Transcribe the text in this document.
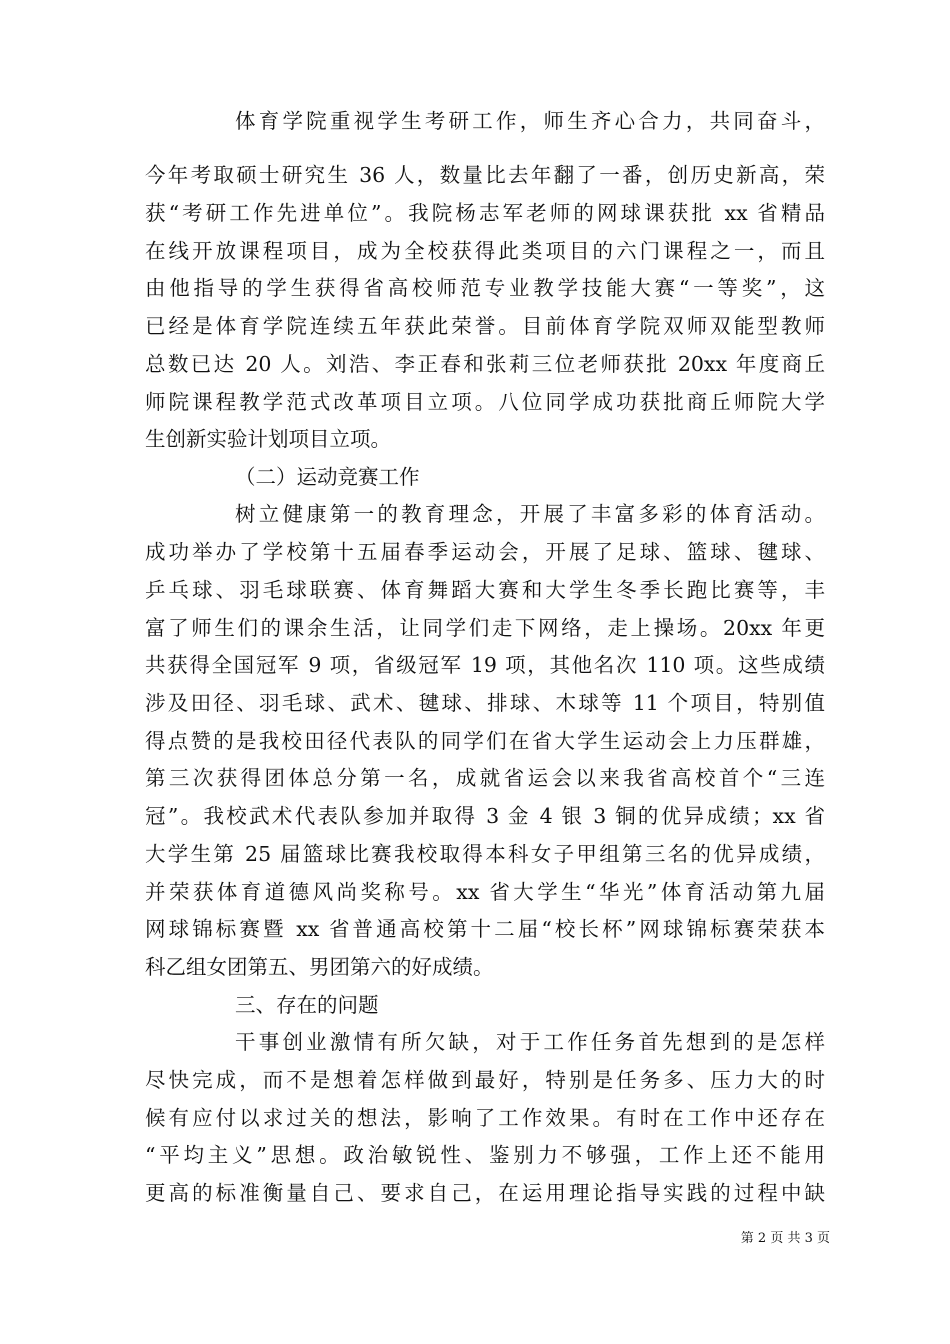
体育学院重视学生考研工作，师生齐心合力，共同奋斗，
今年考取硕士研究生 36 人，数量比去年翻了一番，创历史新高，荣
获“考研工作先进单位”。我院杨志军老师的网球课获批 xx 省精品
在线开放课程项目，成为全校获得此类项目的六门课程之一，而且
由他指导的学生获得省高校师范专业教学技能大赛“一等奖”，这
已经是体育学院连续五年获此荣誉。目前体育学院双师双能型教师
总数已达 20 人。刘浩、李正春和张莉三位老师获批 20xx 年度商丘
师院课程教学范式改革项目立项。八位同学成功获批商丘师院大学
生创新实验计划项目立项。
（二）运动竞赛工作
树立健康第一的教育理念，开展了丰富多彩的体育活动。
成功举办了学校第十五届春季运动会，开展了足球、篮球、毽球、
乒乓球、羽毛球联赛、体育舞蹈大赛和大学生冬季长跑比赛等，丰
富了师生们的课余生活，让同学们走下网络，走上操场。20xx 年更
共获得全国冠军 9 项，省级冠军 19 项，其他名次 110 项。这些成绩
涉及田径、羽毛球、武术、毽球、排球、木球等 11 个项目，特别值
得点赞的是我校田径代表队的同学们在省大学生运动会上力压群雄，
第三次获得团体总分第一名，成就省运会以来我省高校首个“三连
冠”。我校武术代表队参加并取得 3 金 4 银 3 铜的优异成绩；xx 省
大学生第 25 届篮球比赛我校取得本科女子甲组第三名的优异成绩，
并荣获体育道德风尚奖称号。xx 省大学生“华光”体育活动第九届
网球锦标赛暨 xx 省普通高校第十二届“校长杯”网球锦标赛荣获本
科乙组女团第五、男团第六的好成绩。
三、存在的问题
干事创业激情有所欠缺，对于工作任务首先想到的是怎样
尽快完成，而不是想着怎样做到最好，特别是任务多、压力大的时
候有应付以求过关的想法，影响了工作效果。有时在工作中还存在
“平均主义”思想。政治敏锐性、鉴别力不够强，工作上还不能用
更高的标准衡量自己、要求自己，在运用理论指导实践的过程中缺
第 2 页 共 3 页
